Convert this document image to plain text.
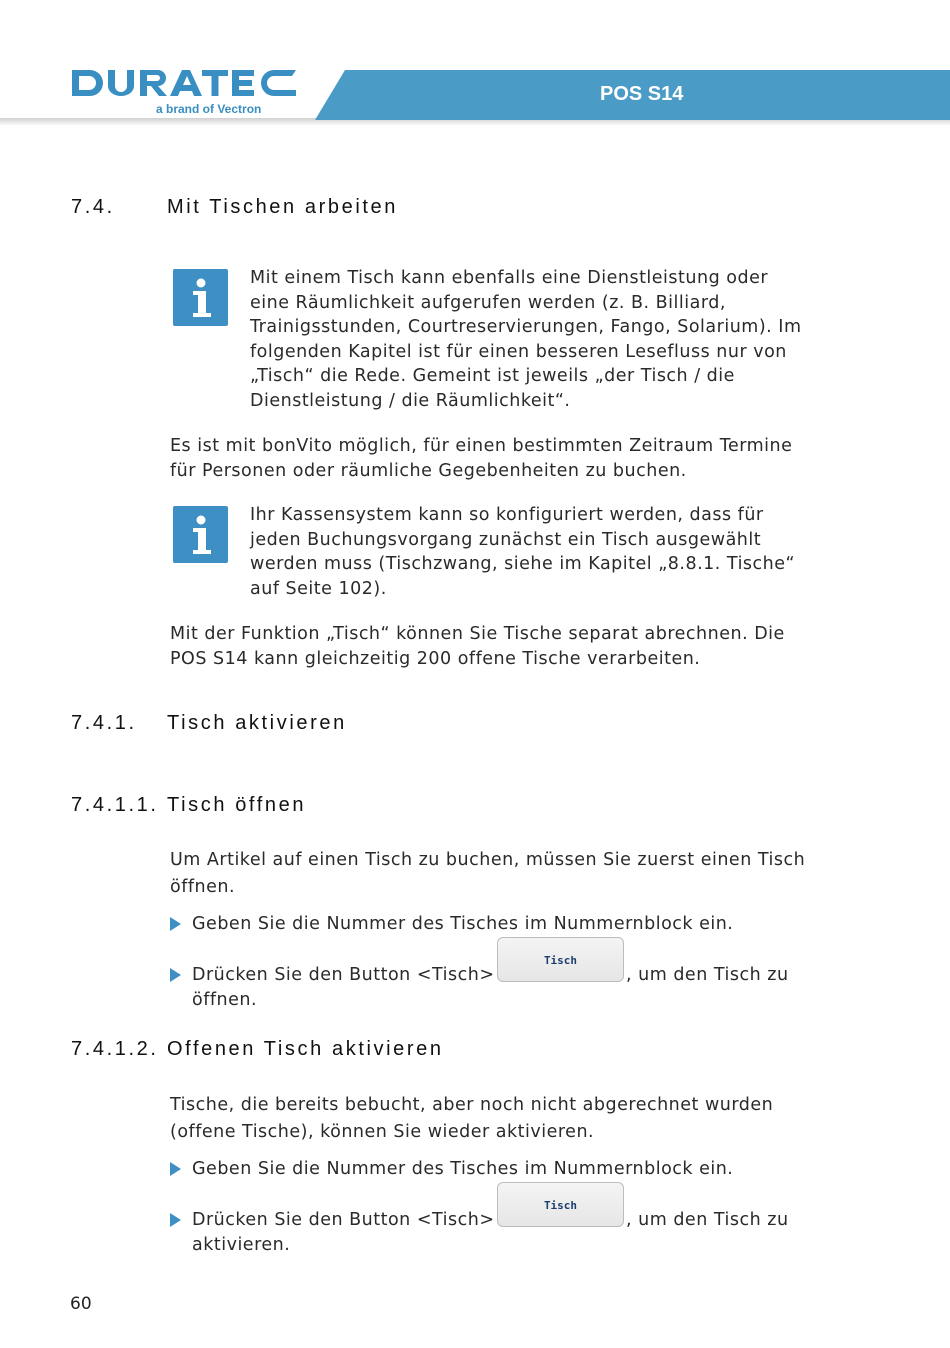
POS S14
a brand of Vectron
7.4.	Mit Tischen arbeiten

Mit einem Tisch kann ebenfalls eine Dienstleistung oder eine Räumlichkeit aufgerufen werden (z. B. Billiard, Trainigsstunden, Courtreservierungen, Fango, Solarium). Im folgenden Kapitel ist für einen besseren Lesefluss nur von „Tisch“ die Rede. Gemeint ist jeweils „der Tisch / die Dienstleistung / die Räumlichkeit“.

Es ist mit bonVito möglich, für einen bestimmten Zeitraum Termine für Personen oder räumliche Gegebenheiten zu buchen.

Ihr Kassensystem kann so konfiguriert werden, dass für jeden Buchungsvorgang zunächst ein Tisch ausgewählt werden muss (Tischzwang, siehe im Kapitel „8.8.1. Tische“ auf Seite 102).

Mit der Funktion „Tisch“ können Sie Tische separat abrechnen. Die POS S14 kann gleichzeitig 200 offene Tische verarbeiten.

7.4.1. Tisch aktivieren
7.4.1.1. Tisch öffnen

Um Artikel auf einen Tisch zu buchen, müssen Sie zuerst einen Tisch öffnen.

Geben Sie die Nummer des Tisches im Nummernblock ein.
Drücken Sie den Button <Tisch>	, um den Tisch zu
öffnen.
Tisch
7.4.1.2. Offenen Tisch aktivieren

Tische, die bereits bebucht, aber noch nicht abgerechnet wurden (offene Tische), können Sie wieder aktivieren.

Geben Sie die Nummer des Tisches im Nummernblock ein.
Drücken Sie den Button <Tisch>	, um den Tisch zu
aktivieren.
Tisch
60
